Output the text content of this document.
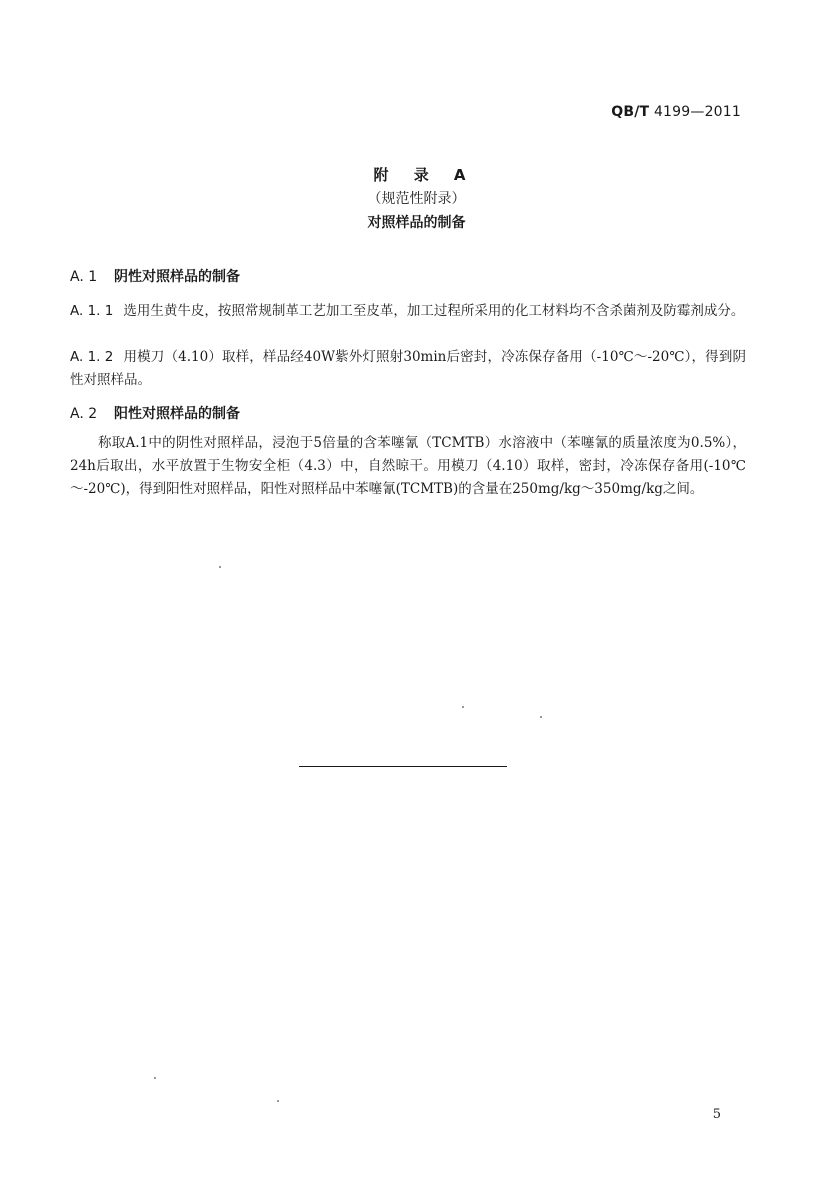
QB/T 4199—2011
附 录 A
（规范性附录）
对照样品的制备
A. 1 阴性对照样品的制备
A. 1. 1 选用生黄牛皮，按照常规制革工艺加工至皮革，加工过程所采用的化工材料均不含杀菌剂及防霉剂成分。
A. 1. 2 用模刀（4.10）取样，样品经40W紫外灯照射30min后密封，冷冻保存备用（-10℃～-20℃），得到阴性对照样品。
A. 2 阳性对照样品的制备
称取A.1中的阴性对照样品，浸泡于5倍量的含苯噻氰（TCMTB）水溶液中（苯噻氰的质量浓度为0.5%），24h后取出，水平放置于生物安全柜（4.3）中，自然晾干。用模刀（4.10）取样，密封，冷冻保存备用(-10℃～-20℃)，得到阳性对照样品，阳性对照样品中苯噻氰(TCMTB)的含量在250mg/kg～350mg/kg之间。
5
